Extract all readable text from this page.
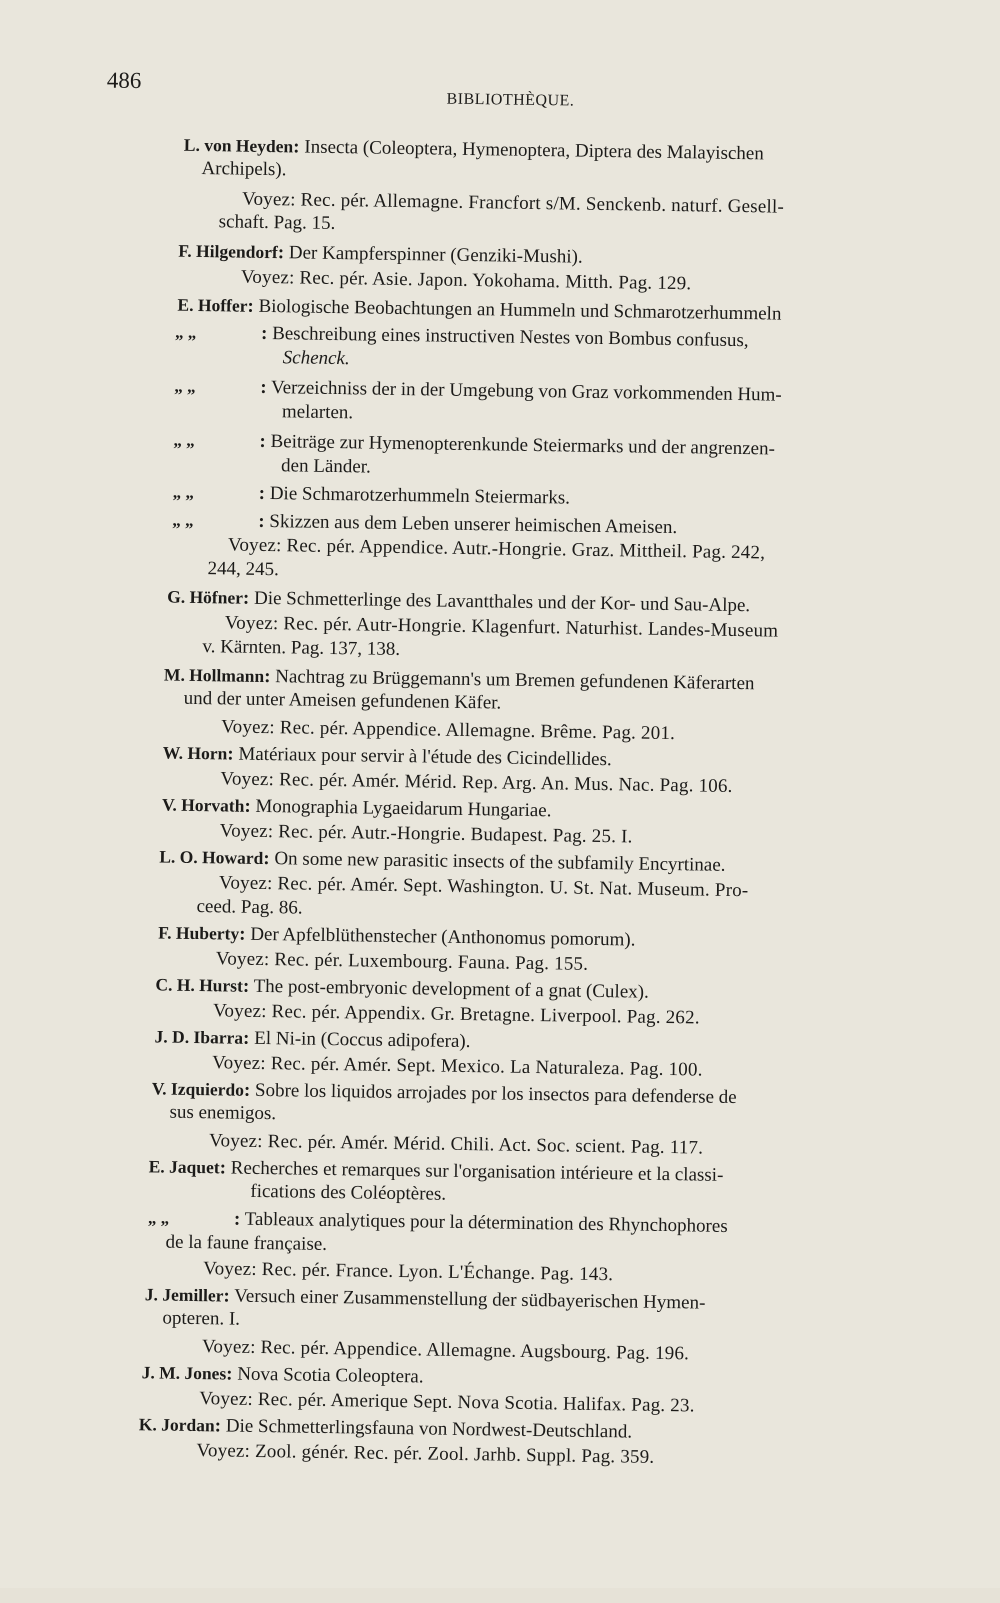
486
BIBLIOTHÈQUE.
L. von Heyden: Insecta (Coleoptera, Hymenoptera, Diptera des Malayischen
Archipels).
Voyez: Rec. pér. Allemagne. Francfort s/M. Senckenb. naturf. Gesell-
schaft. Pag. 15.
F. Hilgendorf: Der Kampferspinner (Genziki-Mushi).
Voyez: Rec. pér. Asie. Japon. Yokohama. Mitth. Pag. 129.
E. Hoffer: Biologische Beobachtungen an Hummeln und Schmarotzerhummeln
„ „	: Beschreibung eines instructiven Nestes von Bombus confusus,
Schenck.
„ „	: Verzeichniss der in der Umgebung von Graz vorkommenden Hum-
melarten.
„ „	: Beiträge zur Hymenopterenkunde Steiermarks und der angrenzen-
den Länder.
„ „	: Die Schmarotzerhummeln Steiermarks.
„ „	: Skizzen aus dem Leben unserer heimischen Ameisen.
Voyez: Rec. pér. Appendice. Autr.-Hongrie. Graz. Mittheil. Pag. 242,
244, 245.
G. Höfner: Die Schmetterlinge des Lavantthales und der Kor- und Sau-Alpe.
Voyez: Rec. pér. Autr-Hongrie. Klagenfurt. Naturhist. Landes-Museum
v. Kärnten. Pag. 137, 138.
M. Hollmann: Nachtrag zu Brüggemann's um Bremen gefundenen Käferarten
und der unter Ameisen gefundenen Käfer.
Voyez: Rec. pér. Appendice. Allemagne. Brême. Pag. 201.
W. Horn: Matériaux pour servir à l'étude des Cicindellides.
Voyez: Rec. pér. Amér. Mérid. Rep. Arg. An. Mus. Nac. Pag. 106.
V. Horvath: Monographia Lygaeidarum Hungariae.
Voyez: Rec. pér. Autr.-Hongrie. Budapest. Pag. 25. I.
L. O. Howard: On some new parasitic insects of the subfamily Encyrtinae.
Voyez: Rec. pér. Amér. Sept. Washington. U. St. Nat. Museum. Pro-
ceed. Pag. 86.
F. Huberty: Der Apfelblüthenstecher (Anthonomus pomorum).
Voyez: Rec. pér. Luxembourg. Fauna. Pag. 155.
C. H. Hurst: The post-embryonic development of a gnat (Culex).
Voyez: Rec. pér. Appendix. Gr. Bretagne. Liverpool. Pag. 262.
J. D. Ibarra: El Ni-in (Coccus adipofera).
Voyez: Rec. pér. Amér. Sept. Mexico. La Naturaleza. Pag. 100.
V. Izquierdo: Sobre los liquidos arrojades por los insectos para defenderse de
sus enemigos.
Voyez: Rec. pér. Amér. Mérid. Chili. Act. Soc. scient. Pag. 117.
E. Jaquet: Recherches et remarques sur l'organisation intérieure et la classi-
fications des Coléoptères.
„ „	: Tableaux analytiques pour la détermination des Rhynchophores
de la faune française.
Voyez: Rec. pér. France. Lyon. L'Échange. Pag. 143.
J. Jemiller: Versuch einer Zusammenstellung der südbayerischen Hymen-
opteren. I.
Voyez: Rec. pér. Appendice. Allemagne. Augsbourg. Pag. 196.
J. M. Jones: Nova Scotia Coleoptera.
Voyez: Rec. pér. Amerique Sept. Nova Scotia. Halifax. Pag. 23.
K. Jordan: Die Schmetterlingsfauna von Nordwest-Deutschland.
Voyez: Zool. génér. Rec. pér. Zool. Jarhb. Suppl. Pag. 359.
